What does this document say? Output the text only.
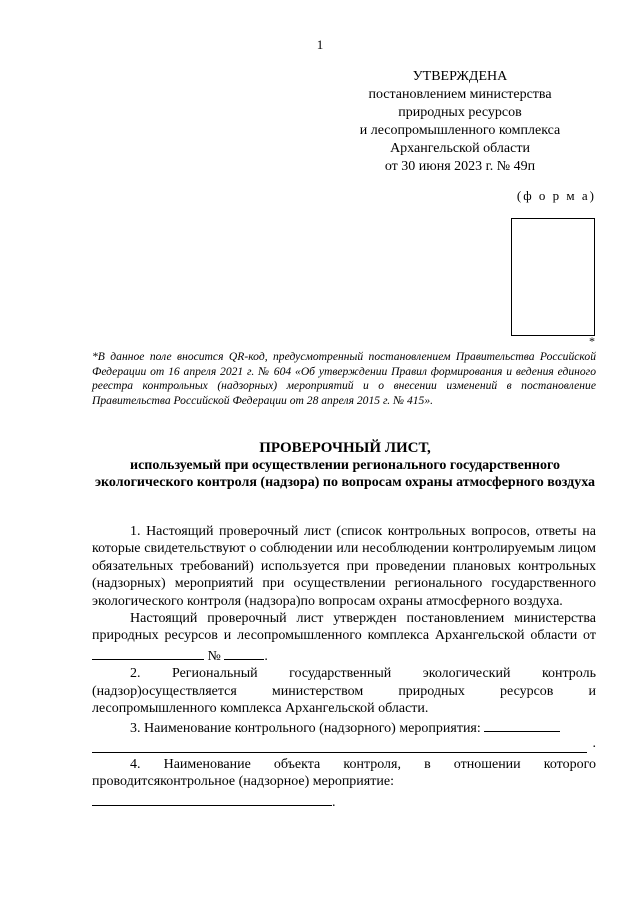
1
УТВЕРЖДЕНА
постановлением министерства
природных ресурсов
и лесопромышленного комплекса
Архангельской области
от 30 июня 2023 г. № 49п
(ф о р м а)
*
*В данное поле вносится QR-код, предусмотренный постановлением Правительства Российской Федерации от 16 апреля 2021 г. № 604 «Об утверждении Правил формирования и ведения единого реестра контрольных (надзорных) мероприятий и о внесении изменений в постановление Правительства Российской Федерации от 28 апреля 2015 г. № 415».
ПРОВЕРОЧНЫЙ ЛИСТ,
используемый при осуществлении регионального государственного экологического контроля (надзора) по вопросам охраны атмосферного воздуха

1. Настоящий проверочный лист (список контрольных вопросов, ответы на которые свидетельствуют о соблюдении или несоблюдении контролируемым лицом обязательных требований) используется при проведении плановых контрольных (надзорных) мероприятий при осуществлении регионального государственного экологического контроля (надзора)по вопросам охраны атмосферного воздуха.

Настоящий проверочный лист утвержден постановлением министерства природных ресурсов и лесопромышленного комплекса Архангельской области от  №	.

2. Региональный государственный экологический контроль (надзор)осуществляется министерством природных ресурсов и лесопромышленного комплекса Архангельской области.

3. Наименование контрольного (надзорного) мероприятия:

.

4. Наименование объекта контроля, в отношении которого проводитсяконтрольное (надзорное) мероприятие:

.
